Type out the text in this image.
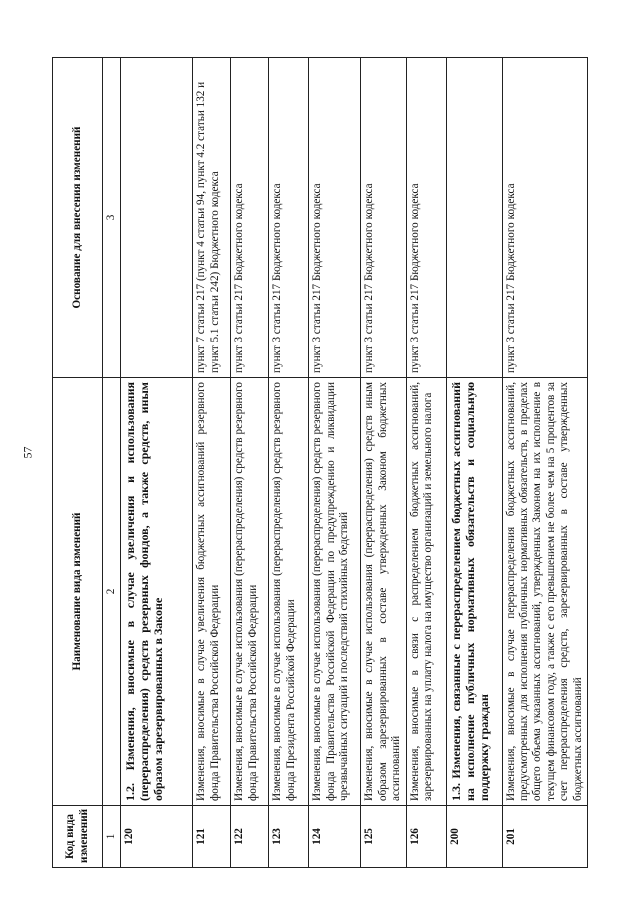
57
Код вида изменений	Наименование вида изменений	Основание для внесения изменений
1	2	3
120	1.2. Изменения, вносимые в случае увеличения и использования (перераспределения) средств резервных фондов, а также средств, иным образом зарезервированных в Законе	
121	Изменения, вносимые в случае увеличения бюджетных ассигнований резервного фонда Правительства Российской Федерации	пункт 7 статьи 217 (пункт 4 статьи 94, пункт 4.2 статьи 132 и пункт 5.1 статьи 242) Бюджетного кодекса
122	Изменения, вносимые в случае использования (перераспределения) средств резервного фонда Правительства Российской Федерации	пункт 3 статьи 217 Бюджетного кодекса
123	Изменения, вносимые в случае использования (перераспределения) средств резервного фонда Президента Российской Федерации	пункт 3 статьи 217 Бюджетного кодекса
124	Изменения, вносимые в случае использования (перераспределения) средств резервного фонда Правительства Российской Федерации по предупреждению и ликвидации чрезвычайных ситуаций и последствий стихийных бедствий	пункт 3 статьи 217 Бюджетного кодекса
125	Изменения, вносимые в случае использования (перераспределения) средств иным образом зарезервированных в составе утвержденных Законом бюджетных ассигнований	пункт 3 статьи 217 Бюджетного кодекса
126	Изменения, вносимые в связи с распределением бюджетных ассигнований, зарезервированных на уплату налога на имущество организаций и земельного налога	пункт 3 статьи 217 Бюджетного кодекса
200	1.3. Изменения, связанные с перераспределением бюджетных ассигнований на исполнение публичных нормативных обязательств и социальную поддержку граждан	
201	Изменения, вносимые в случае перераспределения бюджетных ассигнований, предусмотренных для исполнения публичных нормативных обязательств, в пределах общего объема указанных ассигнований, утвержденных Законом на их исполнение в текущем финансовом году, а также с его превышением не более чем на 5 процентов за счет перераспределения средств, зарезервированных в составе утвержденных бюджетных ассигнований	пункт 3 статьи 217 Бюджетного кодекса
